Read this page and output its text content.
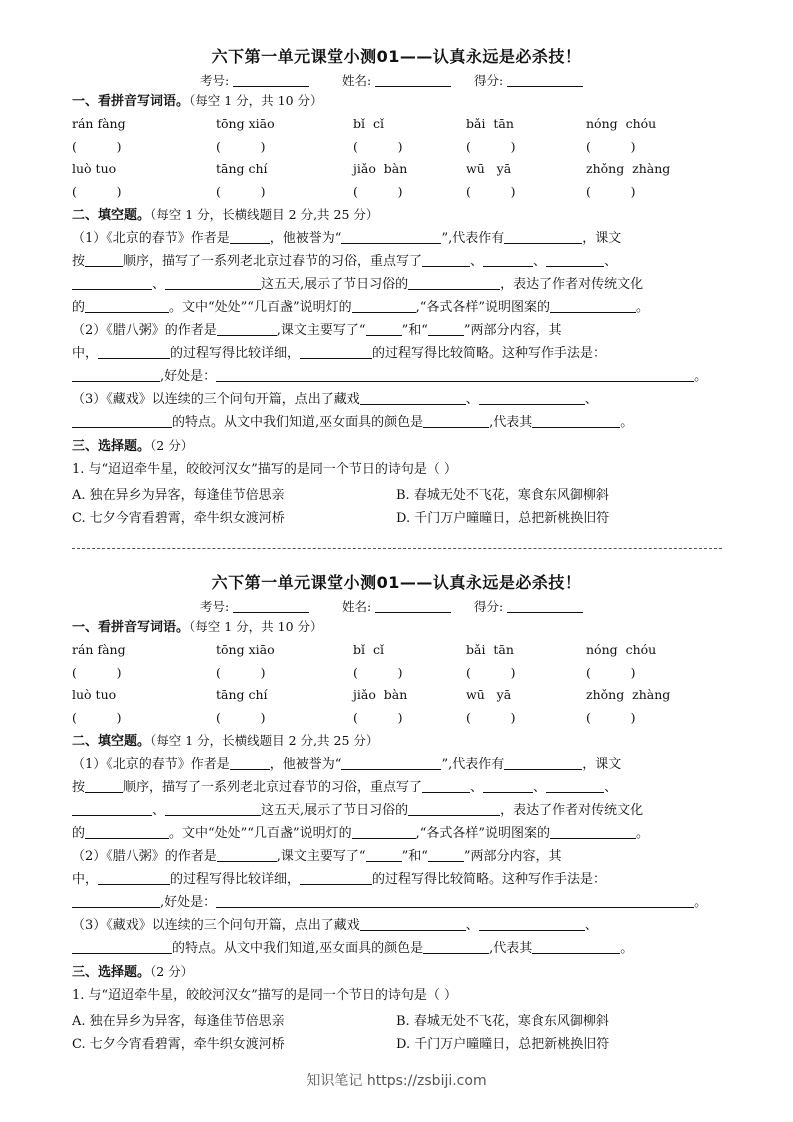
六下第一单元课堂小测01——认真永远是必杀技！
考号:	姓名:	得分:
一、看拼音写词语。（每空 1 分，共 10 分）
rán fàng	tōng xiāo	bǐ  cǐ	bǎi  tān	nóng  chóu
(          )	(          )	(          )	(          )	(          )
luò tuo	tāng chí	jiǎo  bàn	wū   yā	zhǒng  zhàng
(          )	(          )	(          )	(          )	(          )
二、填空题。（每空 1 分，长横线题目 2 分,共 25 分）
（1）《北京的春节》作者是	，他被誉为“	”,代表作有	，课文
按	顺序，描写了一系列老北京过春节的习俗，重点写了	、	、	、
、	这五天,展示了节日习俗的	，表达了作者对传统文化
的	。文中“处处”“几百盏”说明灯的	,“各式各样”说明图案的	。
（2）《腊八粥》的作者是	,课文主要写了“	”和“	”两部分内容，其
中，	的过程写得比较详细，	的过程写得比较简略。这种写作手法是：
,好处是：	。
（3）《藏戏》以连续的三个问句开篇，点出了藏戏	、	、
的特点。从文中我们知道,巫女面具的颜色是	,代表其	。
三、选择题。（2 分）
1. 与“迢迢牵牛星，皎皎河汉女”描写的是同一个节日的诗句是（ ）
A. 独在异乡为异客，每逢佳节倍思亲	B. 春城无处不飞花，寒食东风御柳斜
C. 七夕今宵看碧霄，牵牛织女渡河桥	D. 千门万户曈曈日，总把新桃换旧符
六下第一单元课堂小测01——认真永远是必杀技！
考号:	姓名:	得分:
一、看拼音写词语。（每空 1 分，共 10 分）
rán fàng	tōng xiāo	bǐ  cǐ	bǎi  tān	nóng  chóu
(          )	(          )	(          )	(          )	(          )
luò tuo	tāng chí	jiǎo  bàn	wū   yā	zhǒng  zhàng
(          )	(          )	(          )	(          )	(          )
二、填空题。（每空 1 分，长横线题目 2 分,共 25 分）
（1）《北京的春节》作者是	，他被誉为“	”,代表作有	，课文
按	顺序，描写了一系列老北京过春节的习俗，重点写了	、	、	、
、	这五天,展示了节日习俗的	，表达了作者对传统文化
的	。文中“处处”“几百盏”说明灯的	,“各式各样”说明图案的	。
（2）《腊八粥》的作者是	,课文主要写了“	”和“	”两部分内容，其
中，	的过程写得比较详细，	的过程写得比较简略。这种写作手法是：
,好处是：	。
（3）《藏戏》以连续的三个问句开篇，点出了藏戏	、	、
的特点。从文中我们知道,巫女面具的颜色是	,代表其	。
三、选择题。（2 分）
1. 与“迢迢牵牛星，皎皎河汉女”描写的是同一个节日的诗句是（ ）
A. 独在异乡为异客，每逢佳节倍思亲	B. 春城无处不飞花，寒食东风御柳斜
C. 七夕今宵看碧霄，牵牛织女渡河桥	D. 千门万户曈曈日，总把新桃换旧符
知识笔记 https://zsbiji.com
